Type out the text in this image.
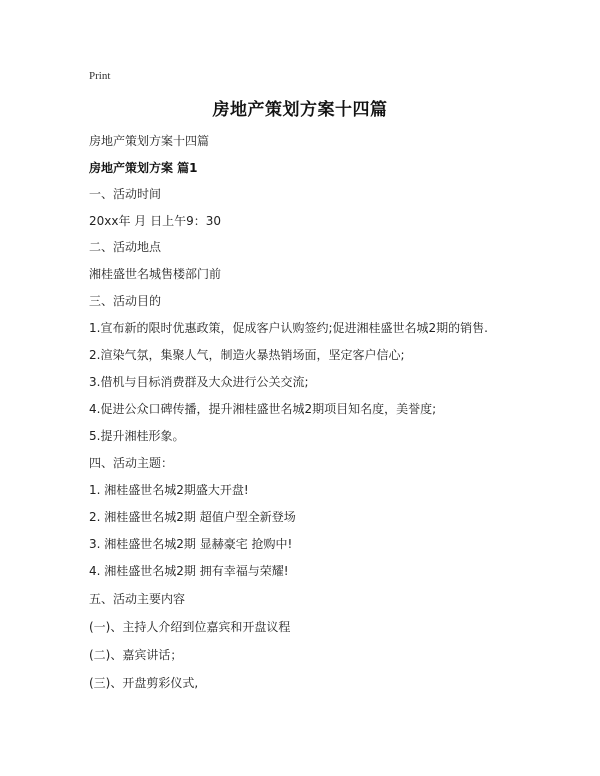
Print
房地产策划方案十四篇
房地产策划方案十四篇
房地产策划方案 篇1
一、活动时间
20xx年 月 日上午9：30
二、活动地点
湘桂盛世名城售楼部门前
三、活动目的
1.宣布新的限时优惠政策，促成客户认购签约;促进湘桂盛世名城2期的销售.
2.渲染气氛，集聚人气，制造火暴热销场面，坚定客户信心;
3.借机与目标消费群及大众进行公关交流;
4.促进公众口碑传播，提升湘桂盛世名城2期项目知名度，美誉度;
5.提升湘桂形象。
四、活动主题：
1. 湘桂盛世名城2期盛大开盘!
2. 湘桂盛世名城2期 超值户型全新登场
3. 湘桂盛世名城2期 显赫豪宅 抢购中!
4. 湘桂盛世名城2期 拥有幸福与荣耀!
五、活动主要内容
(一)、主持人介绍到位嘉宾和开盘议程
(二)、嘉宾讲话；
(三)、开盘剪彩仪式,
